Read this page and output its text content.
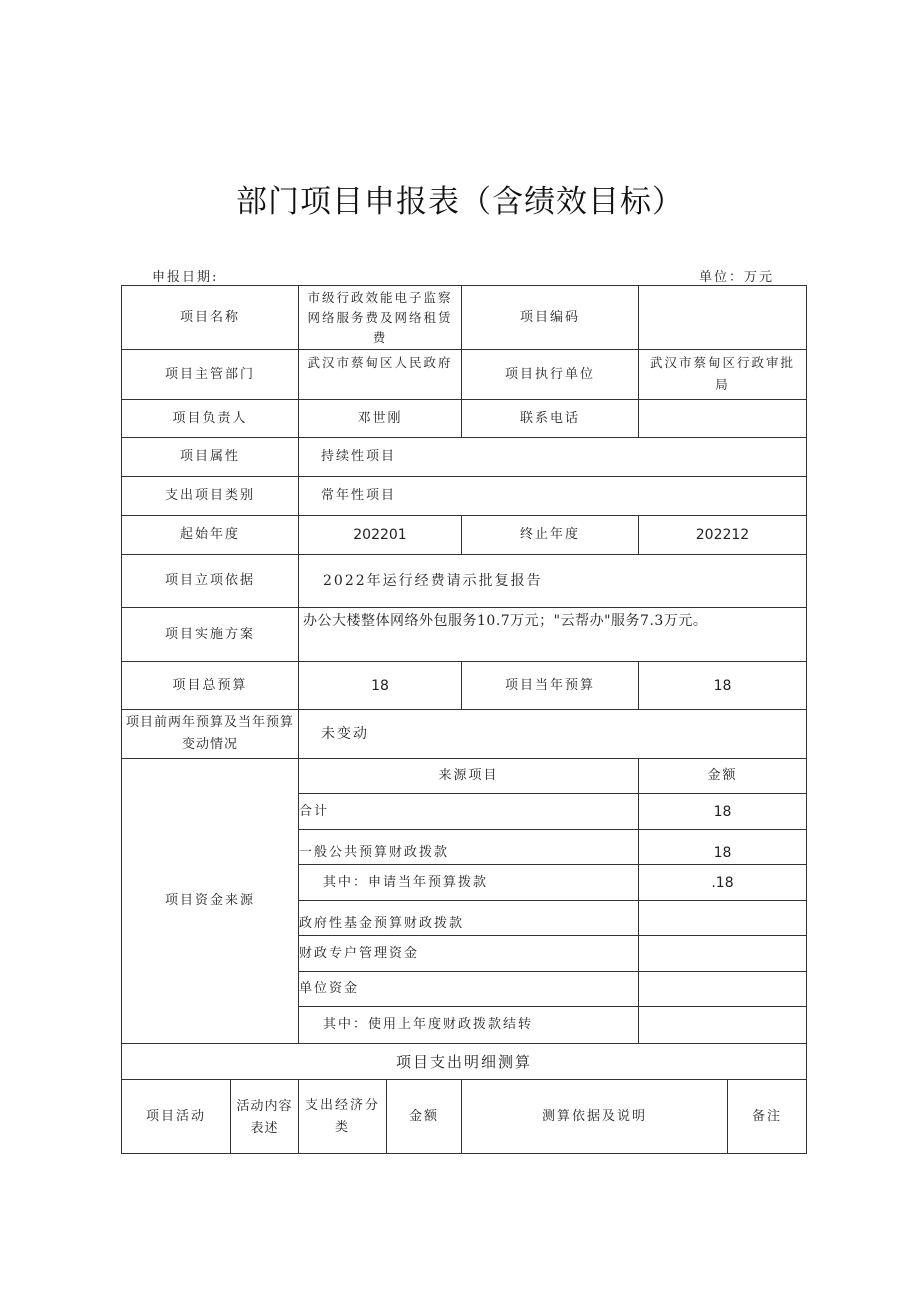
部门项目申报表（含绩效目标）
申报日期:	单位：万元
项目名称	市级行政效能电子监察网络服务费及网络租赁费	项目编码	
项目主管部门	武汉市蔡甸区人民政府	项目执行单位	武汉市蔡甸区行政审批局
项目负责人	邓世刚	联系电话	
项目属性	持续性项目		
支出项目类别	常年性项目		
起始年度	202201	终止年度	202212
项目立项依据	2022年运行经费请示批复报告		
项目实施方案	办公大楼整体网络外包服务10.7万元；"云帮办"服务7.3万元。		
项目总预算	18	项目当年预算	18
项目前两年预算及当年预算变动情况	未变动		
项目资金来源	来源项目		金额
	合计		18
	一般公共预算财政拨款		18
	其中：申请当年预算拨款		.18
	政府性基金预算财政拨款		
	财政专户管理资金		
	单位资金		
	其中：使用上年度财政拨款结转		
项目支出明细测算			
项目活动	活动内容表述	支出经济分类	金额	测算依据及说明	备注
